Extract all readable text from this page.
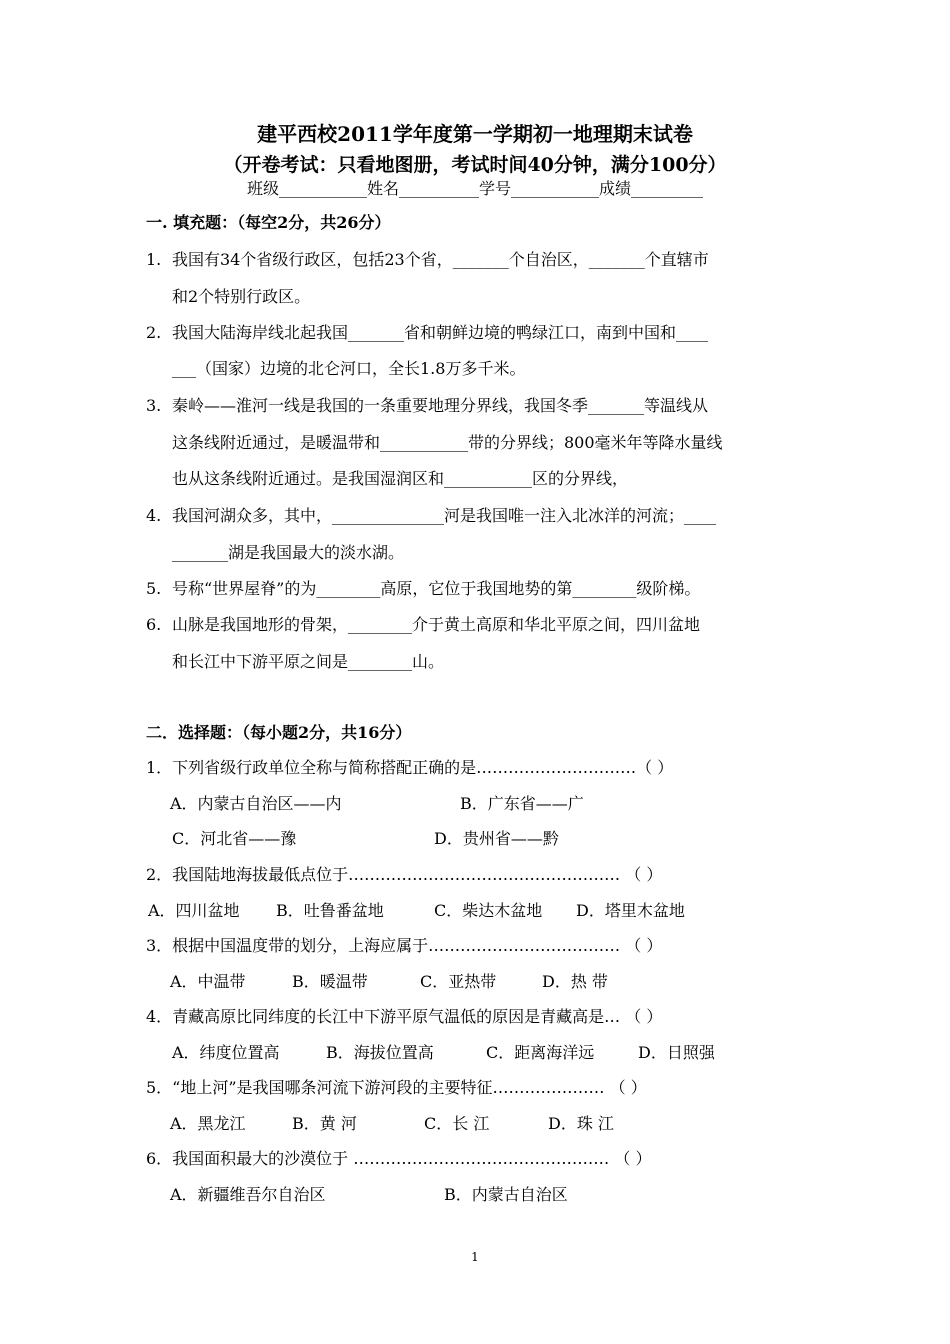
建平西校2011学年度第一学期初一地理期末试卷
（开卷考试：只看地图册，考试时间40分钟，满分100分）
班级___________姓名__________学号___________成绩_________
一. 填充题：（每空2分，共26分）
1. 我国有34个省级行政区，包括23个省，_______个自治区，_______个直辖市
和2个特别行政区。
2. 我国大陆海岸线北起我国_______省和朝鲜边境的鸭绿江口，南到中国和____
___（国家）边境的北仑河口，全长1.8万多千米。
3. 秦岭——淮河一线是我国的一条重要地理分界线，我国冬季_______等温线从
这条线附近通过，是暖温带和___________带的分界线；800毫米年等降水量线
也从这条线附近通过。是我国湿润区和___________区的分界线，
4. 我国河湖众多，其中，______________河是我国唯一注入北冰洋的河流；____
_______湖是我国最大的淡水湖。
5. 号称“世界屋脊”的为________高原，它位于我国地势的第________级阶梯。
6. 山脉是我国地形的骨架，________介于黄土高原和华北平原之间，四川盆地
和长江中下游平原之间是________山。
二．选择题：（每小题2分，共16分）
1．下列省级行政单位全称与简称搭配正确的是…………………………（ ）
A．内蒙古自治区——内	B．广东省——广
C．河北省——豫	D．贵州省——黔
2．我国陆地海拔最低点位于…………………………………………… （ ）
A．四川盆地 B．吐鲁番盆地	C．柴达木盆地 D．塔里木盆地
3．根据中国温度带的划分，上海应属于……………………………… （ ）
A．中温带	B．暖温带	C．亚热带	D．热 带
4．青藏高原比同纬度的长江中下游平原气温低的原因是青藏高是… （ ）
A．纬度位置高	B．海拔位置高	C．距离海洋远	D．日照强
5．“地上河”是我国哪条河流下游河段的主要特征………………… （ ）
A．黑龙江	B．黄 河	C．长 江	D．珠 江
6．我国面积最大的沙漠位于 ………………………………………… （ ）
A．新疆维吾尔自治区	B．内蒙古自治区
1
